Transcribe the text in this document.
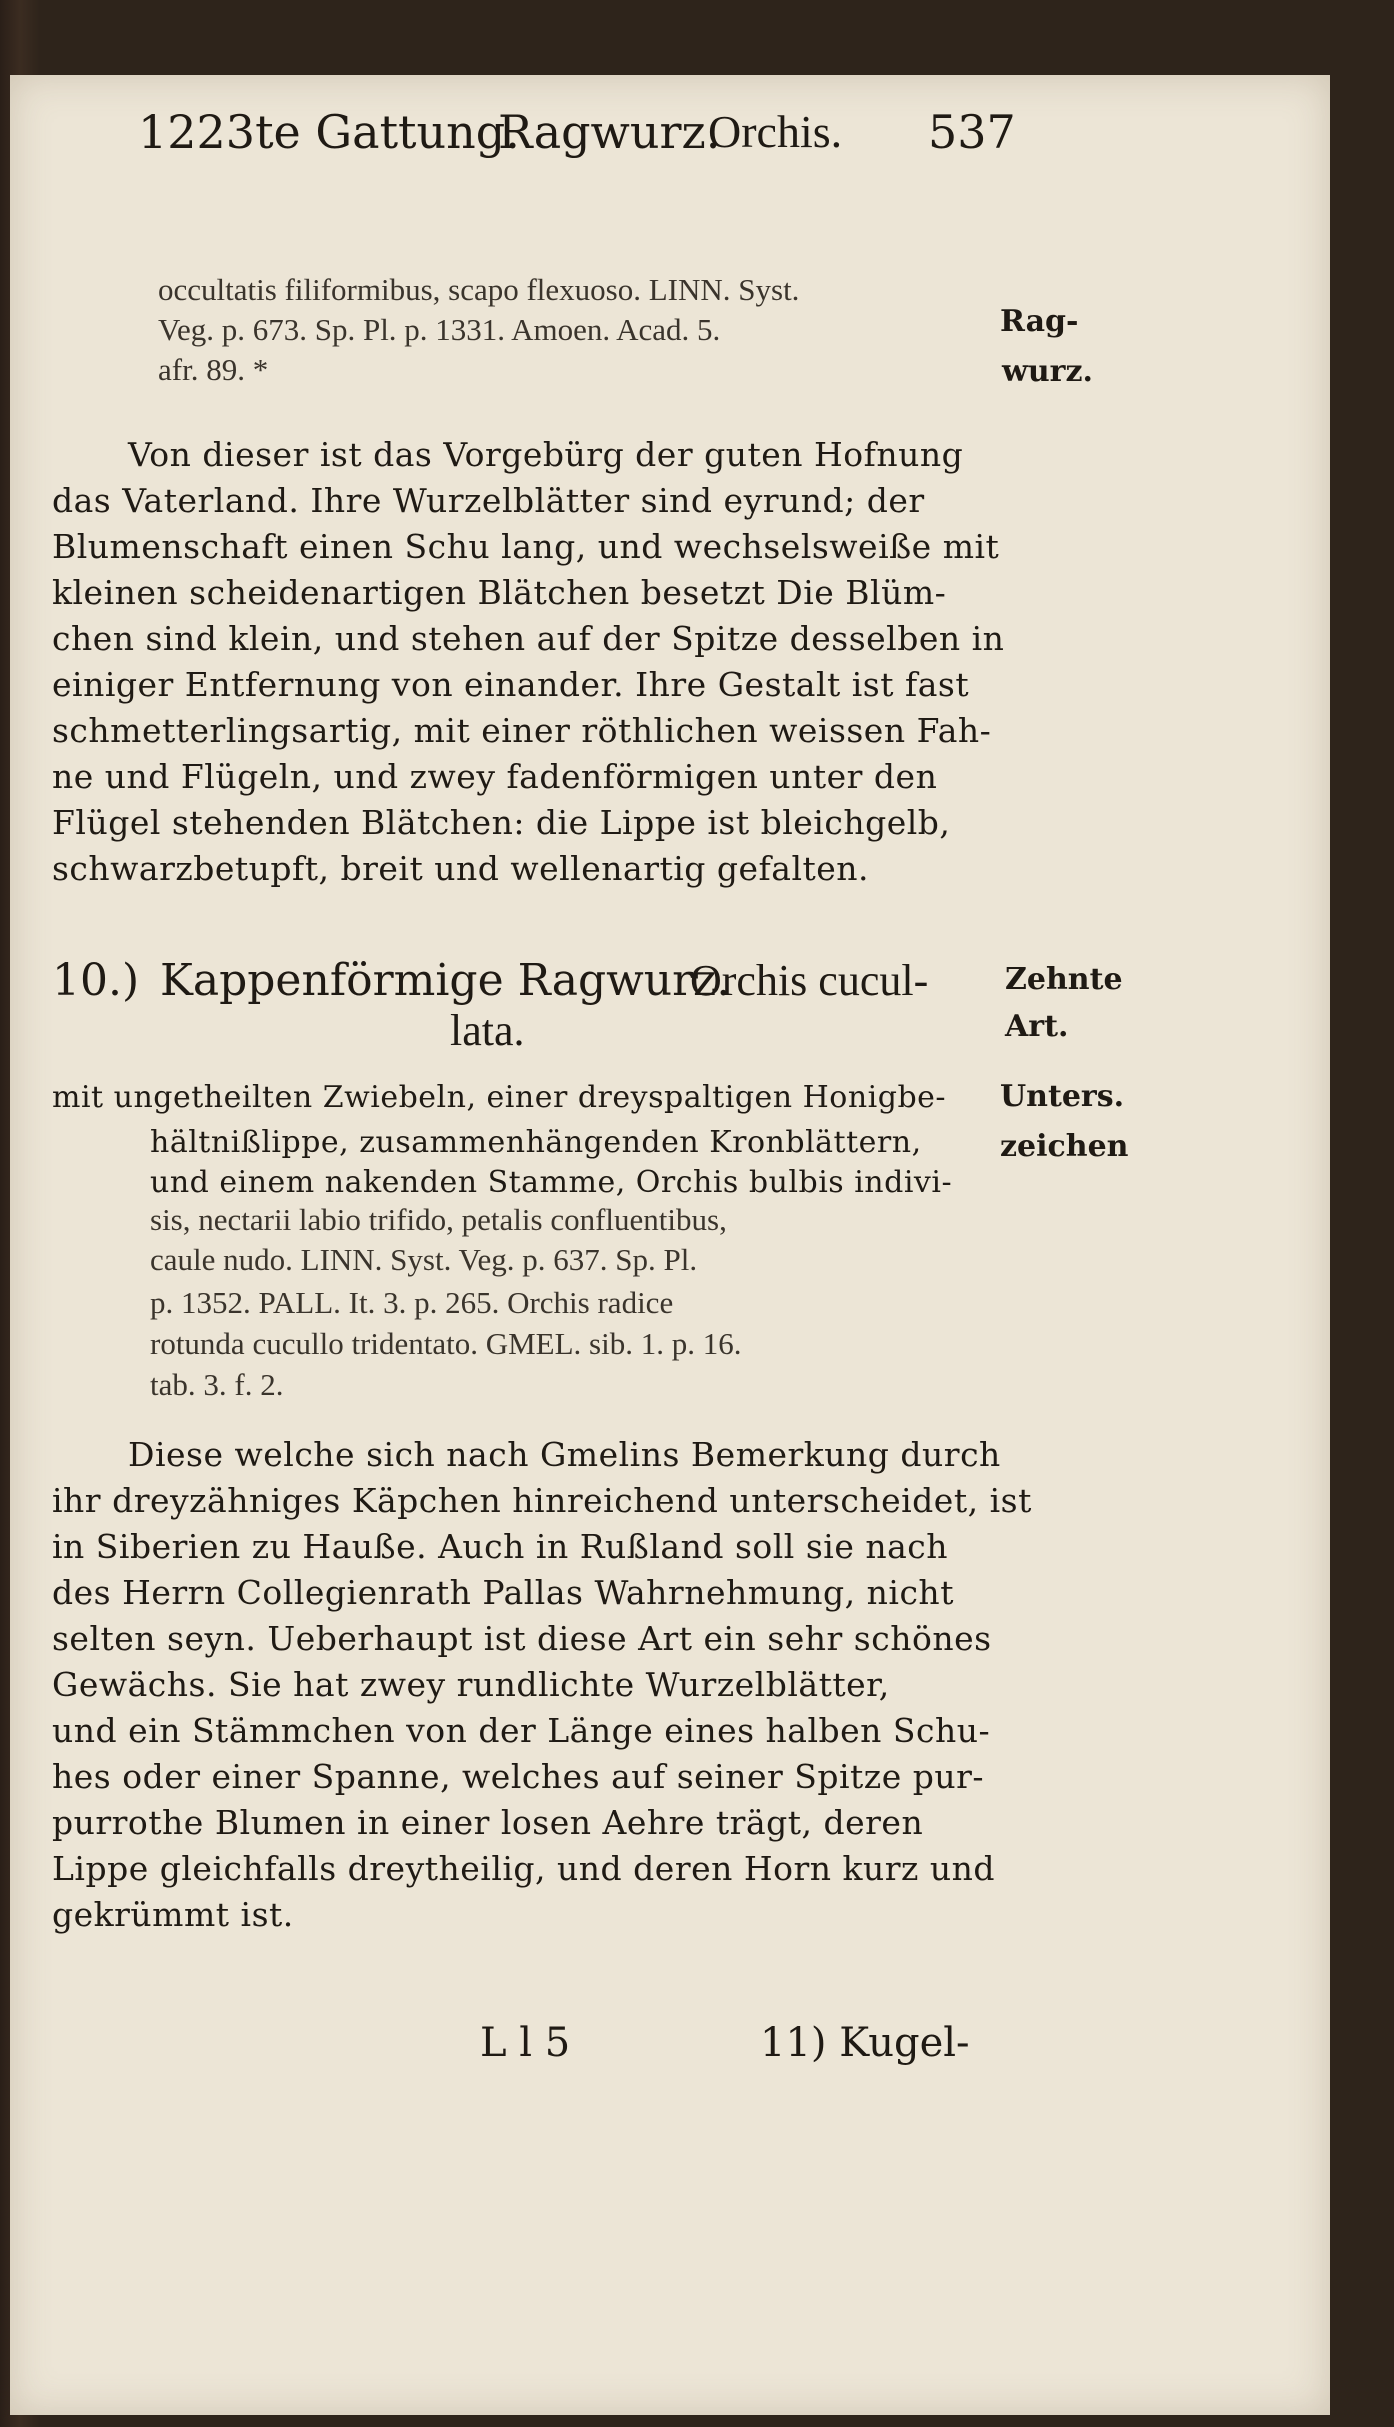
1223te Gattung.
Ragwurz.
Orchis. 537
occultatis filiformibus, scapo flexuoso. LINN. Syst.
Veg. p. 673. Sp. Pl. p. 1331. Amoen. Acad. 5.
afr. 89. *
Rag-
wurz.
Von dieser ist das Vorgebürg der guten Hofnung
das Vaterland. Ihre Wurzelblätter sind eyrund; der
Blumenschaft einen Schu lang, und wechselsweiße mit
kleinen scheidenartigen Blätchen besetzt Die Blüm-
chen sind klein, und stehen auf der Spitze desselben in
einiger Entfernung von einander. Ihre Gestalt ist fast
schmetterlingsartig, mit einer röthlichen weissen Fah-
ne und Flügeln, und zwey fadenförmigen unter den
Flügel stehenden Blätchen: die Lippe ist bleichgelb,
schwarzbetupft, breit und wellenartig gefalten.
10.) Kappenförmige Ragwurz.
Orchis cucul-
lata.
Zehnte
Art.
mit ungetheilten Zwiebeln, einer dreyspaltigen Honigbe-
hältnißlippe, zusammenhängenden Kronblättern,
und einem nakenden Stamme, Orchis bulbis indivi-
sis, nectarii labio trifido, petalis confluentibus,
caule nudo. LINN. Syst. Veg. p. 637. Sp. Pl.
p. 1352. PALL. It. 3. p. 265. Orchis radice
rotunda cucullo tridentato. GMEL. sib. 1. p. 16.
tab. 3. f. 2.
Unters.
zeichen
Diese welche sich nach Gmelins Bemerkung durch
ihr dreyzähniges Käpchen hinreichend unterscheidet, ist
in Siberien zu Hauße. Auch in Rußland soll sie nach
des Herrn Collegienrath Pallas Wahrnehmung, nicht
selten seyn. Ueberhaupt ist diese Art ein sehr schönes
Gewächs. Sie hat zwey rundlichte Wurzelblätter,
und ein Stämmchen von der Länge eines halben Schu-
hes oder einer Spanne, welches auf seiner Spitze pur-
purrothe Blumen in einer losen Aehre trägt, deren
Lippe gleichfalls dreytheilig, und deren Horn kurz und
gekrümmt ist.
L l 5	11) Kugel-
